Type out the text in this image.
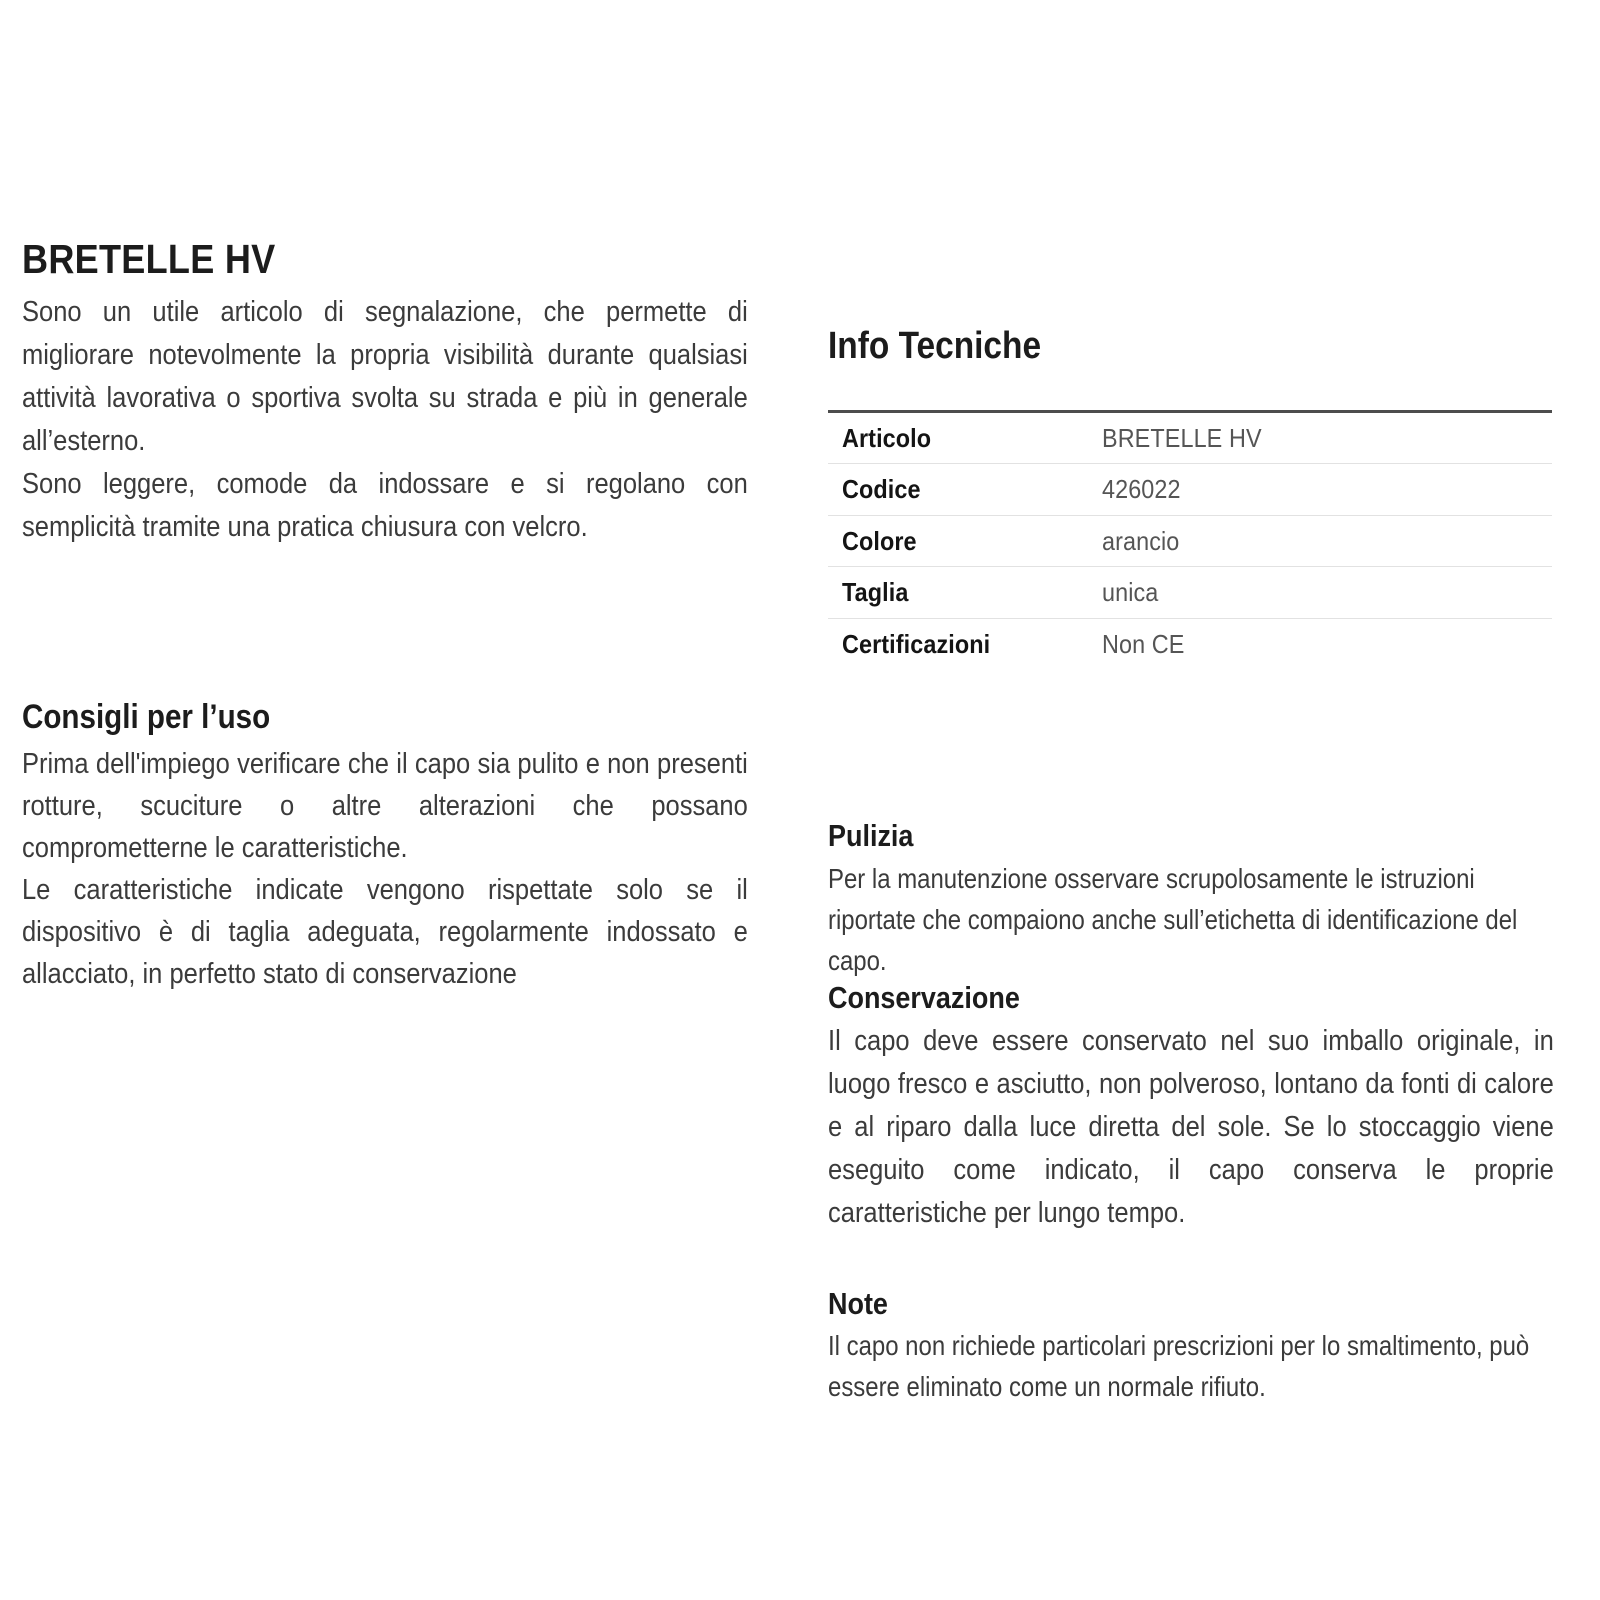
BRETELLE HV

Sono un utile articolo di segnalazione, che permette di migliorare notevolmente la propria visibilità durante qualsiasi attività lavorativa o sportiva svolta su strada e più in generale all’esterno.

Sono leggere, comode da indossare e si regolano con semplicità tramite una pratica chiusura con velcro.

Consigli per l’uso

Prima dell'impiego verificare che il capo sia pulito e non presenti rotture, scuciture o altre alterazioni che possano comprometterne le caratteristiche.

Le caratteristiche indicate vengono rispettate solo se il dispositivo è di taglia adeguata, regolarmente indossato e allacciato, in perfetto stato di conservazione

Info Tecniche
Articolo	BRETELLE HV
Codice	426022
Colore	arancio
Taglia	unica
Certificazioni	Non CE
Pulizia

Per la manutenzione osservare scrupolosamente le istruzioni riportate che compaiono anche sull’etichetta di identificazione del capo.

Conservazione

Il capo deve essere conservato nel suo imballo originale, in luogo fresco e asciutto, non polveroso, lontano da fonti di calore e al riparo dalla luce diretta del sole. Se lo stoccaggio viene eseguito come indicato, il capo conserva le proprie caratteristiche per lungo tempo.

Note

Il capo non richiede particolari prescrizioni per lo smaltimento, può essere eliminato come un normale rifiuto.
